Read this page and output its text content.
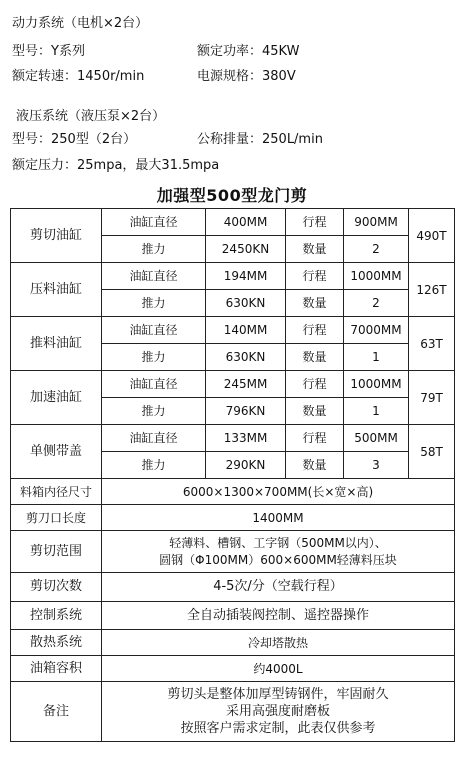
动力系统（电机×2台）
型号：Y系列	额定功率：45KW
额定转速：1450r/min	电源规格：380V
液压系统（液压泵×2台）
型号：250型（2台）	公称排量：250L/min
额定压力：25mpa，最大31.5mpa
加强型500型龙门剪
剪切油缸	油缸直径	400MM	行程	900MM	490T
	推力	2450KN	数量	2	
压料油缸	油缸直径	194MM	行程	1000MM	126T
	推力	630KN	数量	2	
推料油缸	油缸直径	140MM	行程	7000MM	63T
	推力	630KN	数量	1	
加速油缸	油缸直径	245MM	行程	1000MM	79T
	推力	796KN	数量	1	
单侧带盖	油缸直径	133MM	行程	500MM	58T
	推力	290KN	数量	3	
料箱内径尺寸	6000×1300×700MM(长×宽×高)				
剪刀口长度	1400MM				
剪切范围	轻薄料、槽钢、工字钢（500MM以内）、
圆钢（Φ100MM）600×600MM轻薄料压块				

剪切次数	4-5次/分（空载行程）				
控制系统	全自动插装阀控制、遥控器操作				
散热系统	冷却塔散热				
油箱容积	约4000L				
备注	剪切头是整体加厚型铸钢件，牢固耐久
采用高强度耐磨板
按照客户需求定制，此表仅供参考				
